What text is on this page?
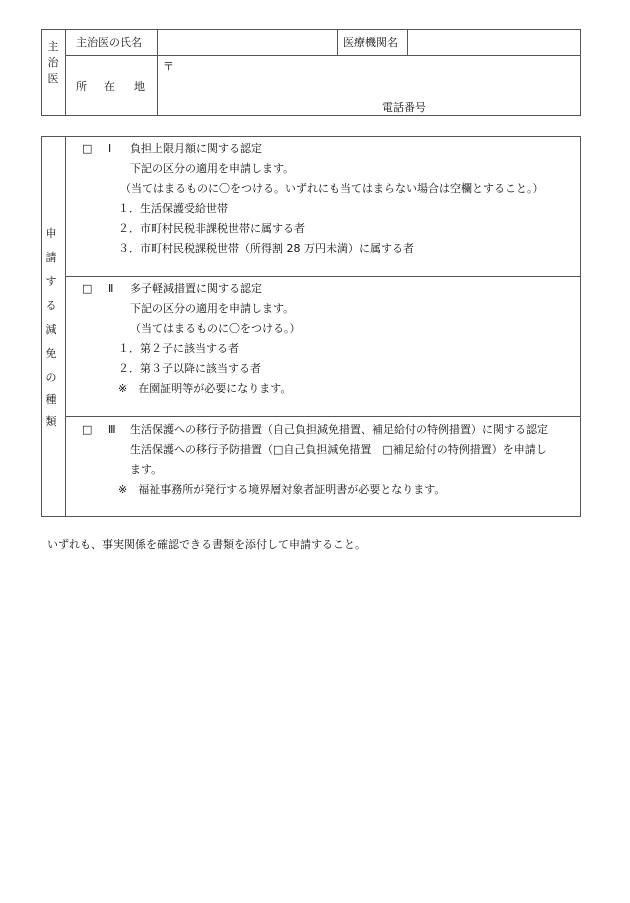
主
治
医
主治医の氏名	医療機関名
所 在 地
〒
電話番号
申
請
す
る
減
免
の
種
類
□ Ⅰ 負担上限月額に関する認定
下記の区分の適用を申請します。
（当てはまるものに〇をつける。いずれにも当てはまらない場合は空欄とすること。）
１．生活保護受給世帯
２．市町村民税非課税世帯に属する者
３．市町村民税課税世帯（所得割 28 万円未満）に属する者
□ Ⅱ 多子軽減措置に関する認定
下記の区分の適用を申請します。
（当てはまるものに〇をつける。）
１．第２子に該当する者
２．第３子以降に該当する者
※　在園証明等が必要になります。
□ Ⅲ 生活保護への移行予防措置（自己負担減免措置、補足給付の特例措置）に関する認定
生活保護への移行予防措置（□自己負担減免措置　□補足給付の特例措置）を申請し
ます。
※　福祉事務所が発行する境界層対象者証明書が必要となります。
いずれも、事実関係を確認できる書類を添付して申請すること。
